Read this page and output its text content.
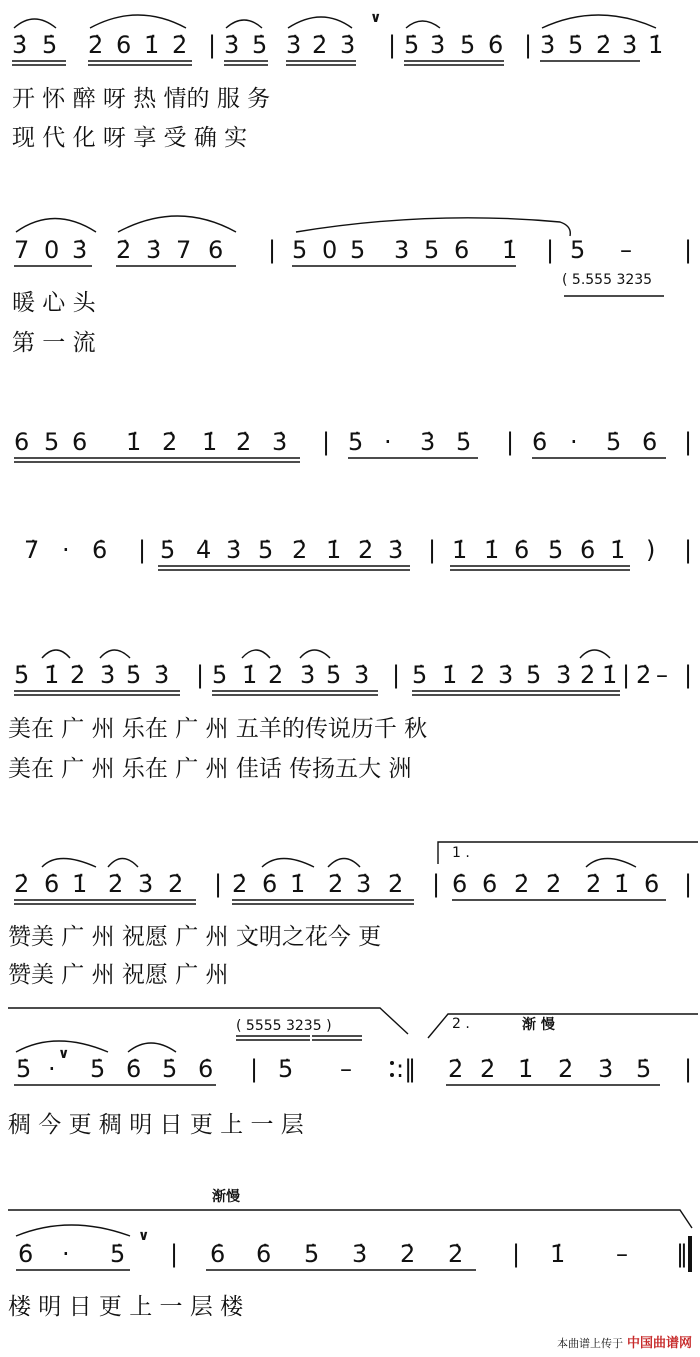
3̇ 5̇ 2̇ 6 1̇ 2̇ | 3̇ 5̇ 3̇ 2̇ 3̇
∨
| 5̇ 3̇ 5̇ 6̇ | 3̇ 5̇ 2̇ 3̇ 1̇
开 怀 醉 呀 热 情的 服 务
现 代 化 呀 享 受 确 实
7 0 3̇ 2̇ 3̇ 7 6 | 5 0 5 3 5 6 1̇ | 5 – |
( 5.555 3235
暖 心 头
第 一 流
6 5 6 1̇ 2̇ 1̇ 2̇ 3̇ | 5̇ · 3̇ 5̇ | 6̇ · 5̇ 6̇ |
7̇ · 6̇ | 5̇ 4̇ 3̇ 5̇ 2̇ 1̇ 2̇ 3̇ | 1̇ 1̇ 6̇ 5̇ 6̇ 1̇ ) |
5̇ 1̇ 2̇ 3̇ 5̇ 3̇ | 5̇ 1̇ 2̇ 3̇ 5̇ 3̇ | 5̇ 1̇ 2̇ 3̇ 5̇ 3̇ 2̇ 1̇ | 2̇ – |
美在 广 州 乐在 广 州 五羊的传说历千 秋
美在 广 州 乐在 广 州 佳话 传扬五大 洲
2̇ 6̇ 1̇ 2̇ 3̇ 2̇ | 2̇ 6̇ 1̇ 2̇ 3̇ 2̇ | 6̇ 6̇ 2̇ 2̇ 2̇ 1̇ 6̇ |
1 .
赞美 广 州 祝愿 广 州 文明之花今 更
赞美 广 州 祝愿 广 州
5̇ ·
∨
5̇ 6̇ 5̇ 6̇ | 5̇ – :‖ 2̇ 2̇ 1̇ 2̇ 3̇ 5̇ |
( 5555 3235 )	2 .	渐 慢
稠 今 更 稠 明 日 更 上 一 层
6̇ · 5̇
∨
| 6̇ 6̇ 5̇ 3̇ 2̇ 2̇ | 1̇ – ‖
渐慢
楼 明 日 更 上 一 层 楼
本曲谱上传于 中国曲谱网
